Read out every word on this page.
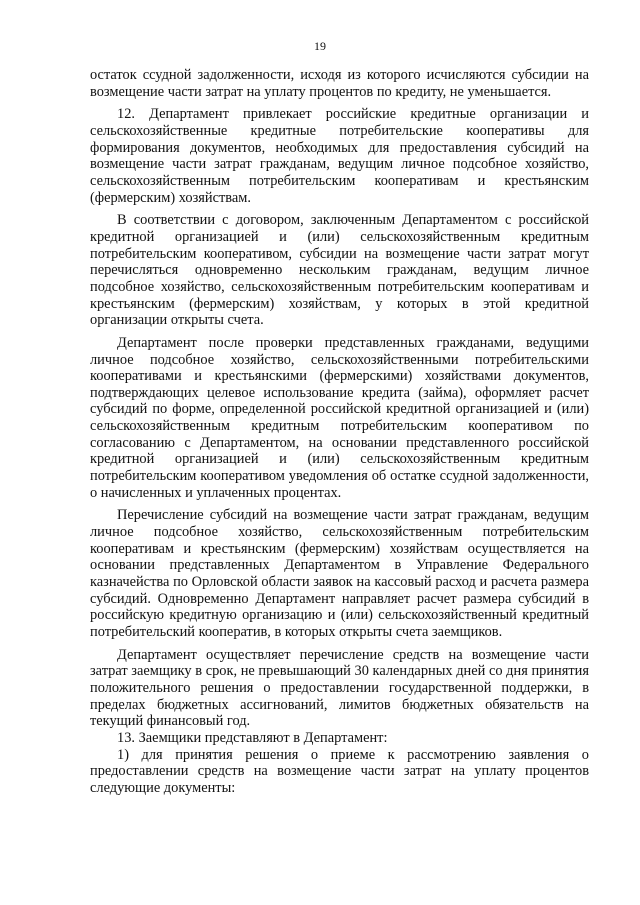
19

остаток ссудной задолженности, исходя из которого исчисляются субсидии на возмещение части затрат на уплату процентов по кредиту, не уменьшается.

12. Департамент привлекает российские кредитные организации и сельскохозяйственные кредитные потребительские кооперативы для формирования документов, необходимых для предоставления субсидий на возмещение части затрат гражданам, ведущим личное подсобное хозяйство, сельскохозяйственным потребительским кооперативам и крестьянским (фермерским) хозяйствам.

В соответствии с договором, заключенным Департаментом с российской кредитной организацией и (или) сельскохозяйственным кредитным потребительским кооперативом, субсидии на возмещение части затрат могут перечисляться одновременно нескольким гражданам, ведущим личное подсобное хозяйство, сельскохозяйственным потребительским кооперативам и крестьянским (фермерским) хозяйствам, у которых в этой кредитной организации открыты счета.

Департамент после проверки представленных гражданами, ведущими личное подсобное хозяйство, сельскохозяйственными потребительскими кооперативами и крестьянскими (фермерскими) хозяйствами документов, подтверждающих целевое использование кредита (займа), оформляет расчет субсидий по форме, определенной российской кредитной организацией и (или) сельскохозяйственным кредитным потребительским кооперативом по согласованию с Департаментом, на основании представленного российской кредитной организацией и (или) сельскохозяйственным кредитным потребительским кооперативом уведомления об остатке ссудной задолженности, о начисленных и уплаченных процентах.

Перечисление субсидий на возмещение части затрат гражданам, ведущим личное подсобное хозяйство, сельскохозяйственным потребительским кооперативам и крестьянским (фермерским) хозяйствам осуществляется на основании представленных Департаментом в Управление Федерального казначейства по Орловской области заявок на кассовый расход и расчета размера субсидий. Одновременно Департамент направляет расчет размера субсидий в российскую кредитную организацию и (или) сельскохозяйственный кредитный потребительский кооператив, в которых открыты счета заемщиков.

Департамент осуществляет перечисление средств на возмещение части затрат заемщику в срок, не превышающий 30 календарных дней со дня принятия положительного решения о предоставлении государственной поддержки, в пределах бюджетных ассигнований, лимитов бюджетных обязательств на текущий финансовый год.

13. Заемщики представляют в Департамент:

1) для принятия решения о приеме к рассмотрению заявления о предоставлении средств на возмещение части затрат на уплату процентов следующие документы:
